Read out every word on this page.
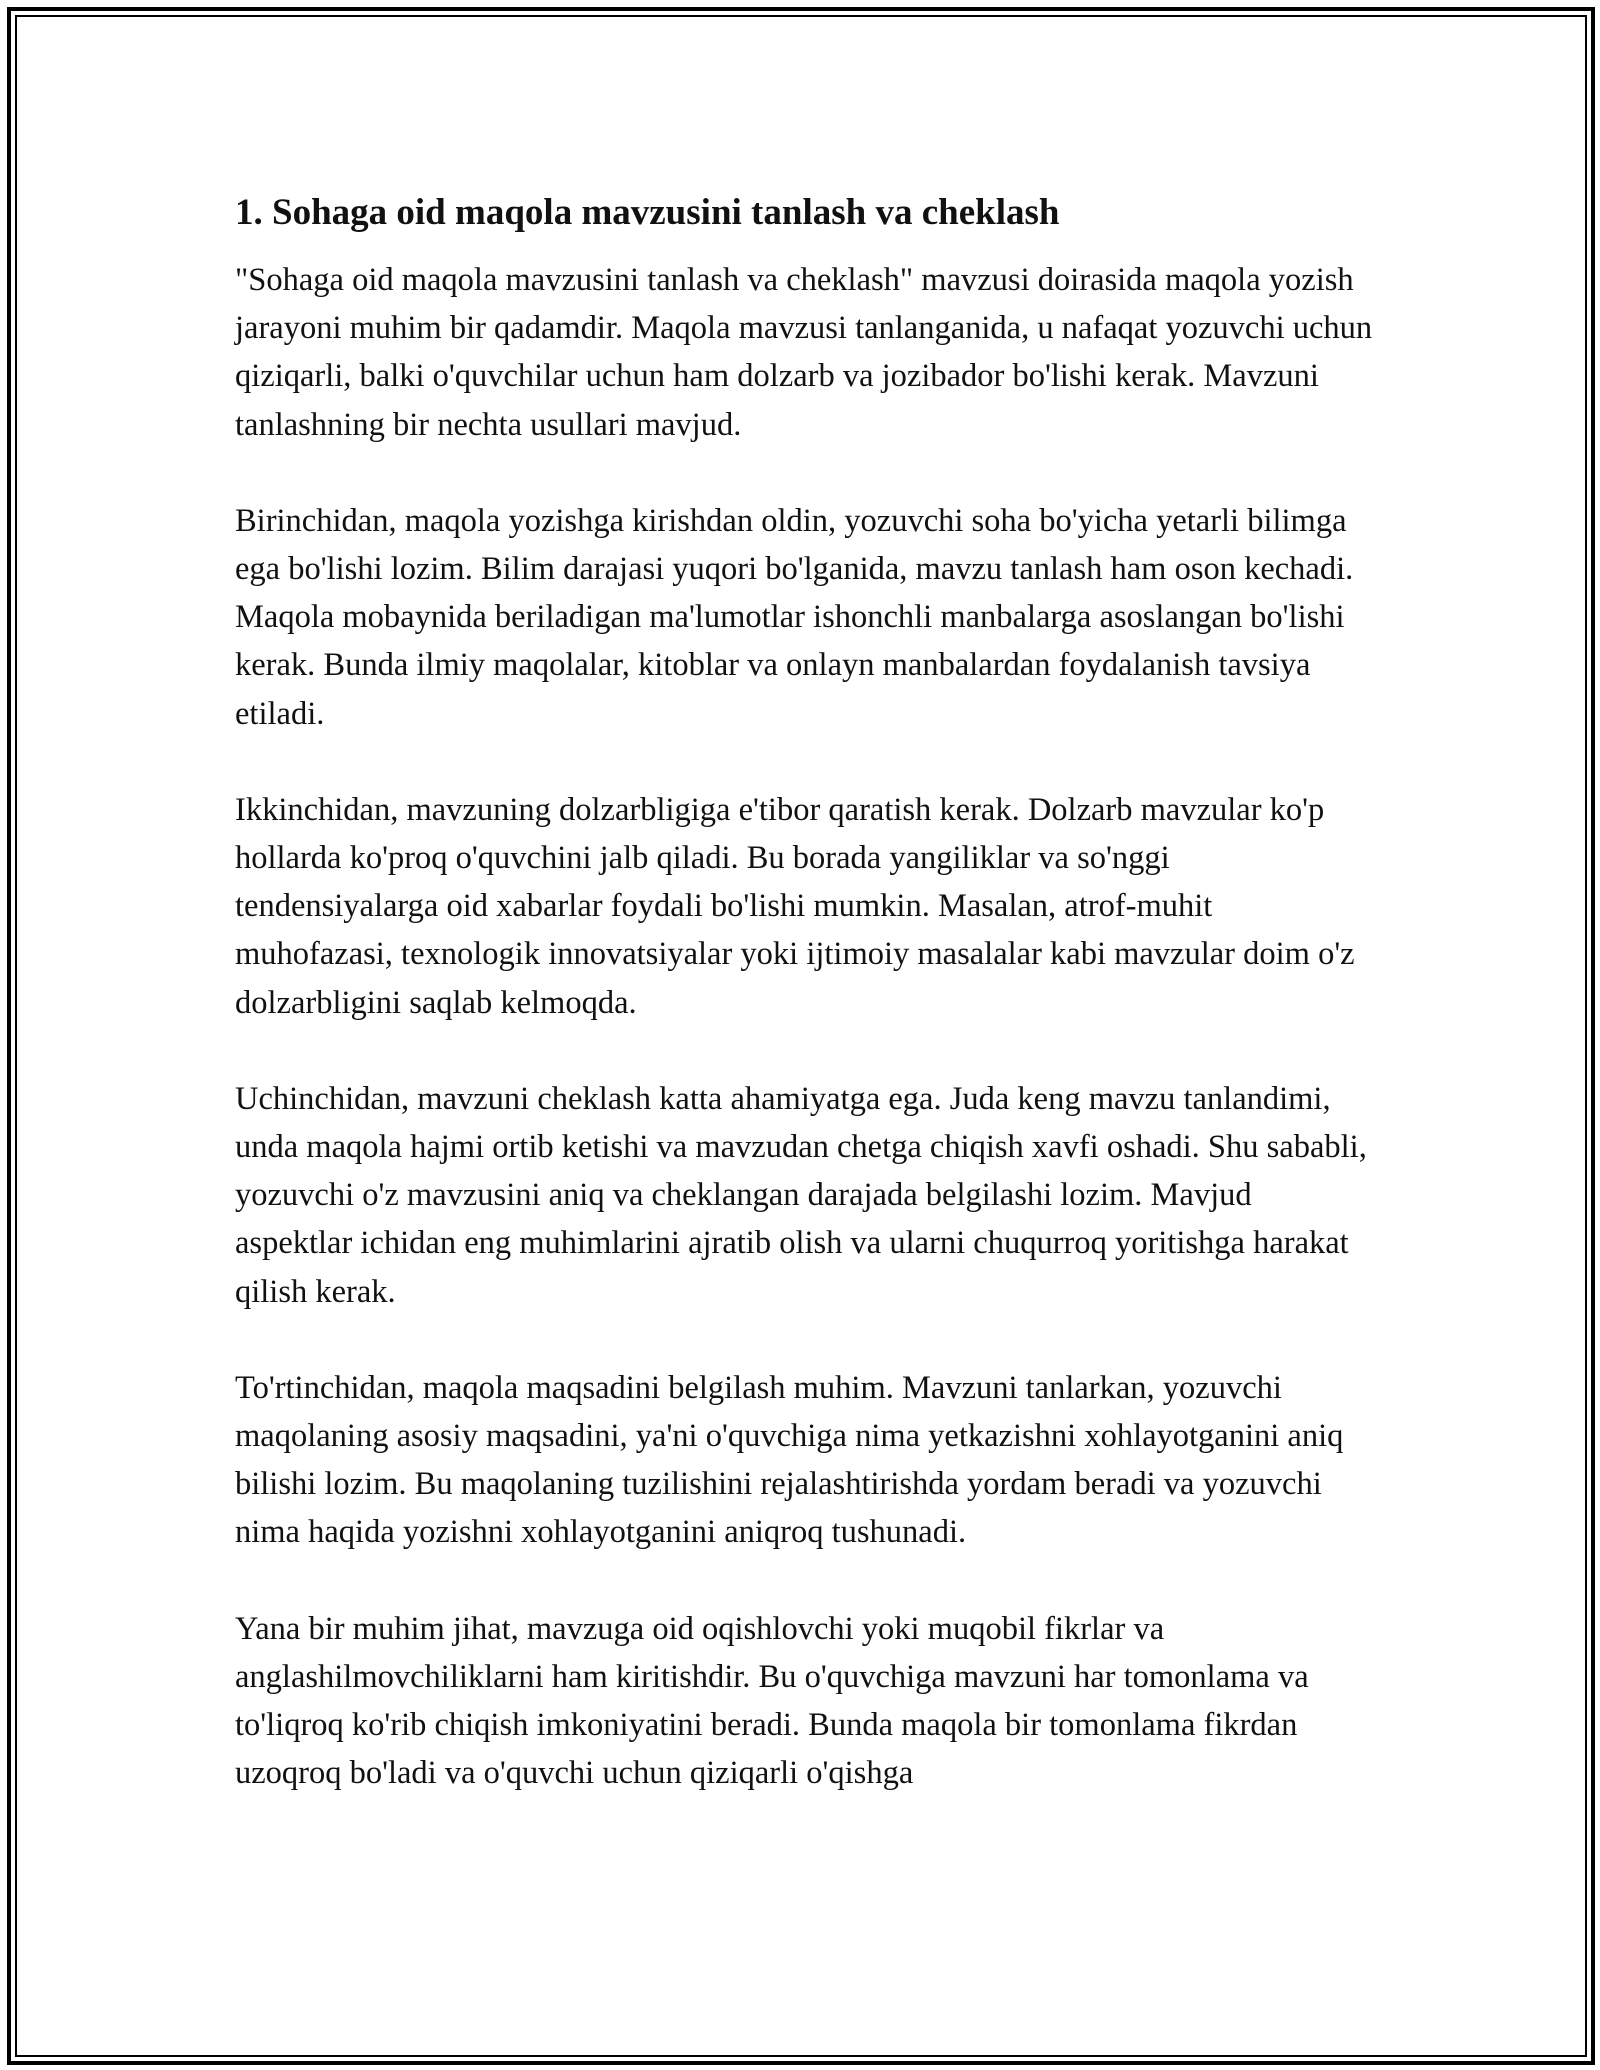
1. Sohaga oid maqola mavzusini tanlash va cheklash

"Sohaga oid maqola mavzusini tanlash va cheklash" mavzusi doirasida maqola yozish jarayoni muhim bir qadamdir. Maqola mavzusi tanlanganida, u nafaqat yozuvchi uchun qiziqarli, balki o'quvchilar uchun ham dolzarb va jozibador bo'lishi kerak. Mavzuni tanlashning bir nechta usullari mavjud.

Birinchidan, maqola yozishga kirishdan oldin, yozuvchi soha bo'yicha yetarli bilimga ega bo'lishi lozim. Bilim darajasi yuqori bo'lganida, mavzu tanlash ham oson kechadi. Maqola mobaynida beriladigan ma'lumotlar ishonchli manbalarga asoslangan bo'lishi kerak. Bunda ilmiy maqolalar, kitoblar va onlayn manbalardan foydalanish tavsiya etiladi.

Ikkinchidan, mavzuning dolzarbligiga e'tibor qaratish kerak. Dolzarb mavzular ko'p hollarda ko'proq o'quvchini jalb qiladi. Bu borada yangiliklar va so'nggi tendensiyalarga oid xabarlar foydali bo'lishi mumkin. Masalan, atrof-muhit muhofazasi, texnologik innovatsiyalar yoki ijtimoiy masalalar kabi mavzular doim o'z dolzarbligini saqlab kelmoqda.

Uchinchidan, mavzuni cheklash katta ahamiyatga ega. Juda keng mavzu tanlandimi, unda maqola hajmi ortib ketishi va mavzudan chetga chiqish xavfi oshadi. Shu sababli, yozuvchi o'z mavzusini aniq va cheklangan darajada belgilashi lozim. Mavjud aspektlar ichidan eng muhimlarini ajratib olish va ularni chuqurroq yoritishga harakat qilish kerak.

To'rtinchidan, maqola maqsadini belgilash muhim. Mavzuni tanlarkan, yozuvchi maqolaning asosiy maqsadini, ya'ni o'quvchiga nima yetkazishni xohlayotganini aniq bilishi lozim. Bu maqolaning tuzilishini rejalashtirishda yordam beradi va yozuvchi nima haqida yozishni xohlayotganini aniqroq tushunadi.

Yana bir muhim jihat, mavzuga oid oqishlovchi yoki muqobil fikrlar va anglashilmovchiliklarni ham kiritishdir. Bu o'quvchiga mavzuni har tomonlama va to'liqroq ko'rib chiqish imkoniyatini beradi. Bunda maqola bir tomonlama fikrdan uzoqroq bo'ladi va o'quvchi uchun qiziqarli o'qishga
